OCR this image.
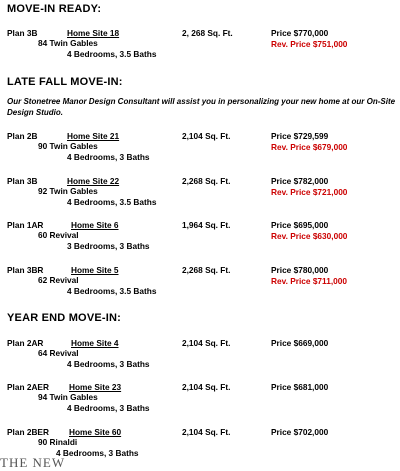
MOVE-IN READY:
Plan 3B	Home Site 18	2, 268 Sq. Ft.	Price $770,000
Rev. Price $751,000
84 Twin Gables
4 Bedrooms, 3.5 Baths
LATE FALL MOVE-IN:
Our Stonetree Manor Design Consultant will assist you in personalizing your new home at our On-Site Design Studio.
Plan 2B	Home Site 21	2,104 Sq. Ft.	Price $729,599
Rev. Price $679,000
90 Twin Gables
4 Bedrooms, 3 Baths
Plan 3B	Home Site 22	2,268 Sq. Ft.	Price $782,000
Rev. Price $721,000
92 Twin Gables
4 Bedrooms, 3.5 Baths
Plan 1AR	Home Site 6	1,964 Sq. Ft.	Price $695,000
Rev. Price $630,000
60 Revival
3 Bedrooms, 3 Baths
Plan 3BR	Home Site 5	2,268 Sq. Ft.	Price $780,000
Rev. Price $711,000
62 Revival
4 Bedrooms, 3.5 Baths
YEAR END MOVE-IN:
Plan 2AR	Home Site 4	2,104 Sq. Ft.	Price $669,000
64 Revival
4 Bedrooms, 3 Baths
Plan 2AER Home Site 23	2,104 Sq. Ft.	Price $681,000
94 Twin Gables
4 Bedrooms, 3 Baths
Plan 2BER Home Site 60	2,104 Sq. Ft.	Price $702,000
90 Rinaldi
4 Bedrooms, 3 Baths
THE NEW
